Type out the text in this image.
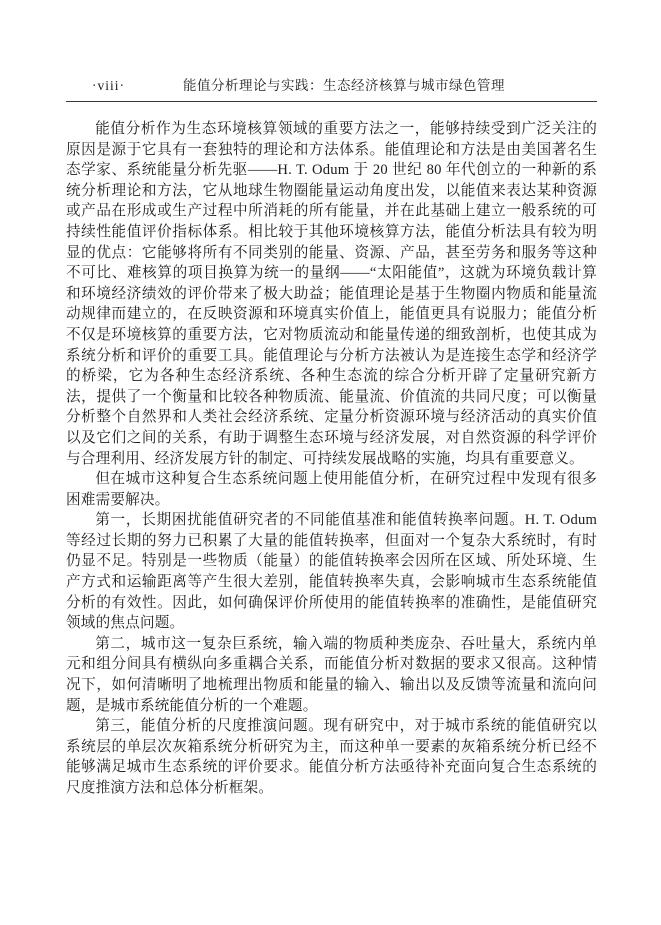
·viii·	能值分析理论与实践：生态经济核算与城市绿色管理

能值分析作为生态环境核算领域的重要方法之一，能够持续受到广泛关注的原因是源于它具有一套独特的理论和方法体系。能值理论和方法是由美国著名生态学家、系统能量分析先驱——H. T. Odum 于 20 世纪 80 年代创立的一种新的系统分析理论和方法，它从地球生物圈能量运动角度出发，以能值来表达某种资源或产品在形成或生产过程中所消耗的所有能量，并在此基础上建立一般系统的可持续性能值评价指标体系。相比较于其他环境核算方法，能值分析法具有较为明显的优点：它能够将所有不同类别的能量、资源、产品，甚至劳务和服务等这种不可比、难核算的项目换算为统一的量纲——“太阳能值”，这就为环境负载计算和环境经济绩效的评价带来了极大助益；能值理论是基于生物圈内物质和能量流动规律而建立的，在反映资源和环境真实价值上，能值更具有说服力；能值分析不仅是环境核算的重要方法，它对物质流动和能量传递的细致剖析，也使其成为系统分析和评价的重要工具。能值理论与分析方法被认为是连接生态学和经济学的桥梁，它为各种生态经济系统、各种生态流的综合分析开辟了定量研究新方法，提供了一个衡量和比较各种物质流、能量流、价值流的共同尺度；可以衡量分析整个自然界和人类社会经济系统、定量分析资源环境与经济活动的真实价值以及它们之间的关系，有助于调整生态环境与经济发展，对自然资源的科学评价与合理利用、经济发展方针的制定、可持续发展战略的实施，均具有重要意义。

但在城市这种复合生态系统问题上使用能值分析，在研究过程中发现有很多困难需要解决。

第一，长期困扰能值研究者的不同能值基准和能值转换率问题。H. T. Odum 等经过长期的努力已积累了大量的能值转换率，但面对一个复杂大系统时，有时仍显不足。特别是一些物质（能量）的能值转换率会因所在区域、所处环境、生产方式和运输距离等产生很大差别，能值转换率失真，会影响城市生态系统能值分析的有效性。因此，如何确保评价所使用的能值转换率的准确性，是能值研究领域的焦点问题。

第二，城市这一复杂巨系统，输入端的物质种类庞杂、吞吐量大，系统内单元和组分间具有横纵向多重耦合关系，而能值分析对数据的要求又很高。这种情况下，如何清晰明了地梳理出物质和能量的输入、输出以及反馈等流量和流向问题，是城市系统能值分析的一个难题。

第三，能值分析的尺度推演问题。现有研究中，对于城市系统的能值研究以系统层的单层次灰箱系统分析研究为主，而这种单一要素的灰箱系统分析已经不能够满足城市生态系统的评价要求。能值分析方法亟待补充面向复合生态系统的尺度推演方法和总体分析框架。
